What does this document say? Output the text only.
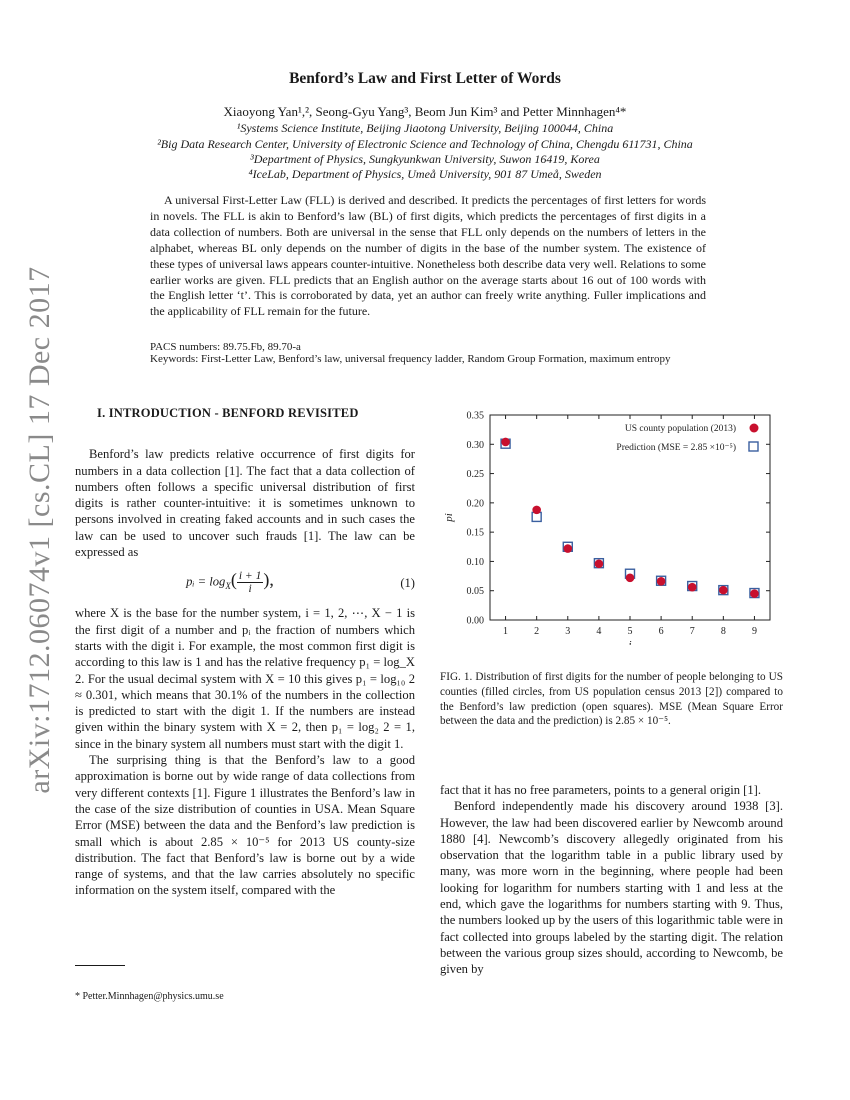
arXiv:1712.06074v1 [cs.CL] 17 Dec 2017
Benford’s Law and First Letter of Words
Xiaoyong Yan¹,², Seong-Gyu Yang³, Beom Jun Kim³ and Petter Minnhagen⁴*
¹Systems Science Institute, Beijing Jiaotong University, Beijing 100044, China
²Big Data Research Center, University of Electronic Science and Technology of China, Chengdu 611731, China
³Department of Physics, Sungkyunkwan University, Suwon 16419, Korea
⁴IceLab, Department of Physics, Umeå University, 901 87 Umeå, Sweden
A universal First-Letter Law (FLL) is derived and described. It predicts the percentages of first letters for words in novels. The FLL is akin to Benford’s law (BL) of first digits, which predicts the percentages of first digits in a data collection of numbers. Both are universal in the sense that FLL only depends on the numbers of letters in the alphabet, whereas BL only depends on the number of digits in the base of the number system. The existence of these types of universal laws appears counter-intuitive. Nonetheless both describe data very well. Relations to some earlier works are given. FLL predicts that an English author on the average starts about 16 out of 100 words with the English letter ‘t’. This is corroborated by data, yet an author can freely write anything. Fuller implications and the applicability of FLL remain for the future.
PACS numbers: 89.75.Fb, 89.70-a
Keywords: First-Letter Law, Benford’s law, universal frequency ladder, Random Group Formation, maximum entropy
I. INTRODUCTION - BENFORD REVISITED

Benford’s law predicts relative occurrence of first digits for numbers in a data collection [1]. The fact that a data collection of numbers often follows a specific universal distribution of first digits is rather counter-intuitive: it is sometimes unknown to persons involved in creating faked accounts and in such cases the law can be used to uncover such frauds [1]. The law can be expressed as

pᵢ = $\log_X( \frac{i + 1}{i}$ ),	(1)

where X is the base for the number system, i = 1, 2, ⋯, X − 1 is the first digit of a number and pᵢ the fraction of numbers which starts with the digit i. For example, the most common first digit is according to this law is 1 and has the relative frequency p₁ = log_X 2. For the usual decimal system with X = 10 this gives p₁ = log₁₀ 2 ≈ 0.301, which means that 30.1% of the numbers in the collection is predicted to start with the digit 1. If the numbers are instead given within the binary system with X = 2, then p₁ = log₂ 2 = 1, since in the binary system all numbers must start with the digit 1.

The surprising thing is that the Benford’s law to a good approximation is borne out by wide range of data collections from very different contexts [1]. Figure 1 illustrates the Benford’s law in the case of the size distribution of counties in USA. Mean Square Error (MSE) between the data and the Benford’s law prediction is small which is about 2.85 × 10⁻⁵ for 2013 US county-size distribution. The fact that Benford’s law is borne out by a wide range of systems, and that the law carries absolutely no specific information on the system itself, compared with the

* Petter.Minnhagen@physics.umu.se
0.00
0.05
0.10
0.15
0.20
0.25
0.30
0.35
1	2	3	4	5	6	7	8	9
i
pi
US county population (2013)
Prediction (MSE = 2.85 ×10⁻⁵)
FIG. 1. Distribution of first digits for the number of people belonging to US counties (filled circles, from US population census 2013 [2]) compared to the Benford’s law prediction (open squares). MSE (Mean Square Error between the data and the prediction) is 2.85 × 10⁻⁵.

fact that it has no free parameters, points to a general origin [1].

Benford independently made his discovery around 1938 [3]. However, the law had been discovered earlier by Newcomb around 1880 [4]. Newcomb’s discovery allegedly originated from his observation that the logarithm table in a public library used by many, was more worn in the beginning, where people had been looking for logarithm for numbers starting with 1 and less at the end, which gave the logarithms for numbers starting with 9. Thus, the numbers looked up by the users of this logarithmic table were in fact collected into groups labeled by the starting digit. The relation between the various group sizes should, according to Newcomb, be given by
